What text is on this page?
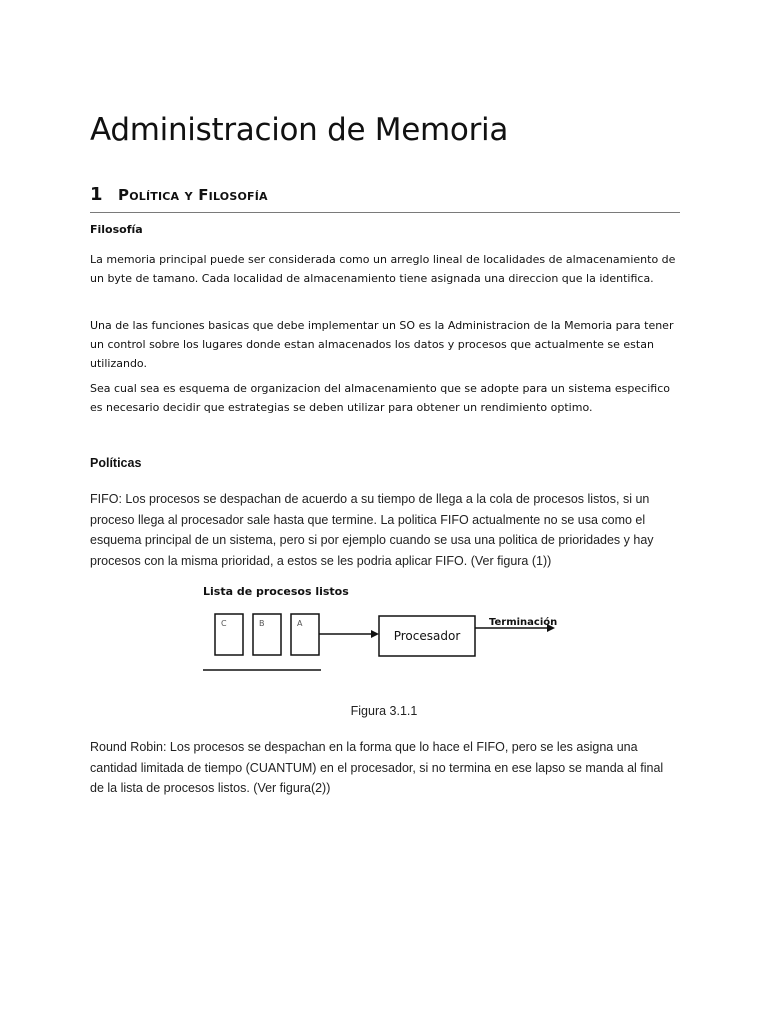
Administracion de Memoria
1 Política y Filosofía

Filosofía

La memoria principal puede ser considerada como un arreglo lineal de localidades de almacenamiento de un byte de tamano. Cada localidad de almacenamiento tiene asignada una direccion que la identifica.

Una de las funciones basicas que debe implementar un SO es la Administracion de la Memoria para tener un control sobre los lugares donde estan almacenados los datos y procesos que actualmente se estan utilizando.

Sea cual sea es esquema de organizacion del almacenamiento que se adopte para un sistema especifico es necesario decidir que estrategias se deben utilizar para obtener un rendimiento optimo.

Políticas

FIFO: Los procesos se despachan de acuerdo a su tiempo de llega a la cola de procesos listos, si un proceso llega al procesador sale hasta que termine. La politica FIFO actualmente no se usa como el esquema principal de un sistema, pero si por ejemplo cuando se usa una politica de prioridades y hay procesos con la misma prioridad, a estos se les podria aplicar FIFO. (Ver figura (1))

Lista de procesos listos
C	B	A
Procesador
Terminación
Figura 3.1.1

Round Robin: Los procesos se despachan en la forma que lo hace el FIFO, pero se les asigna una cantidad limitada de tiempo (CUANTUM) en el procesador, si no termina en ese lapso se manda al final de la lista de procesos listos. (Ver figura(2))
